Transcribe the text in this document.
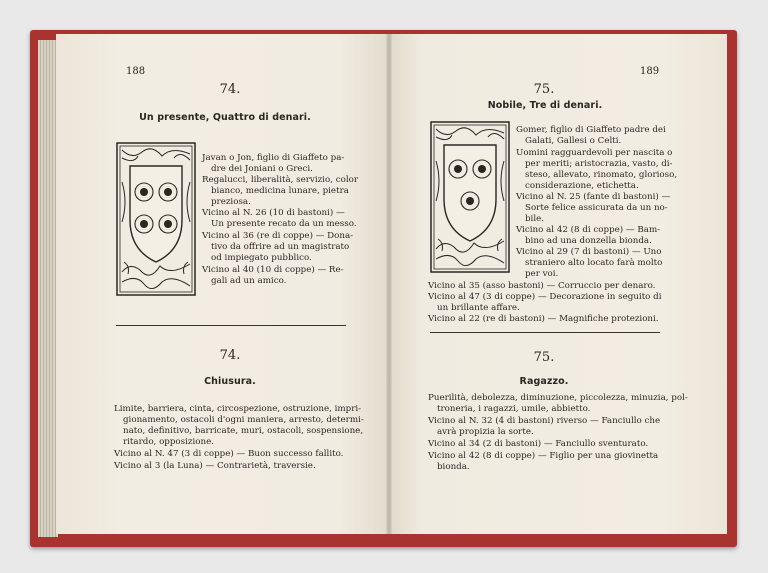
188
74.
Un presente, Quattro di denari.
Javan o Jon, figlio di Giaffeto pa-
dre dei Joniani o Greci.
Regalucci, liberalità, servizio, color
bianco, medicina lunare, pietra
preziosa.
Vicino al N. 26 (10 di bastoni) —
Un presente recato da un messo.
Vicino al 36 (re di coppe) — Dona-
tivo da offrire ad un magistrato
od impiegato pubblico.
Vicino al 40 (10 di coppe) — Re-
gali ad un amico.
74.
Chiusura.
Limite, barriera, cinta, circospezione, ostruzione, impri-
gionamento, ostacoli d'ogni maniera, arresto, determi-
nato, definitivo, barricate, muri, ostacoli, sospensione,
ritardo, opposizione.
Vicino al N. 47 (3 di coppe) — Buon successo fallito.
Vicino al 3 (la Luna) — Contrarietà, traversie.
189
75.
Nobile, Tre di denari.
Gomer, figlio di Giaffeto padre dei
Galati, Gallesi o Celti.
Uomini ragguardevoli per nascita o
per meriti; aristocrazia, vasto, di-
steso, allevato, rinomato, glorioso,
considerazione, etichetta.
Vicino al N. 25 (fante di bastoni) —
Sorte felice assicurata da un no-
bile.
Vicino al 42 (8 di coppe) — Bam-
bino ad una donzella bionda.
Vicino al 29 (7 di bastoni) — Uno
straniero alto locato farà molto
per voi.
Vicino al 35 (asso bastoni) — Corruccio per denaro.
Vicino al 47 (3 di coppe) — Decorazione in seguito di
un brillante affare.
Vicino al 22 (re di bastoni) — Magnifiche protezioni.
75.
Ragazzo.
Puerilità, debolezza, diminuzione, piccolezza, minuzia, pol-
troneria, i ragazzi, umile, abbietto.
Vicino al N. 32 (4 di bastoni) riverso — Fanciullo che
avrà propizia la sorte.
Vicino al 34 (2 di bastoni) — Fanciullo sventurato.
Vicino al 42 (8 di coppe) — Figlio per una giovinetta
bionda.
